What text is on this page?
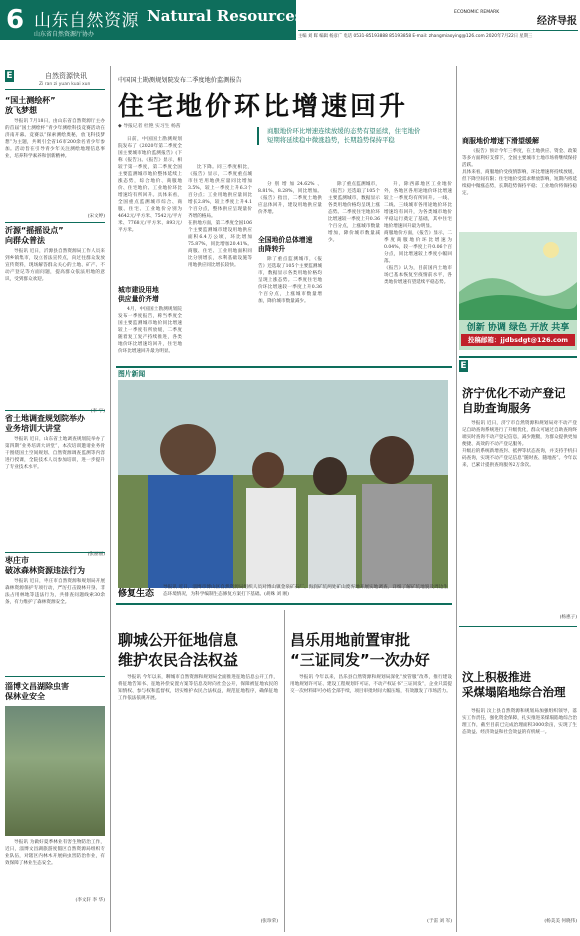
6 山东自然资源 Natural Resources of Shandong
山东省自然资源厅协办
ECONOMIC REMARK
经济导报
主编 刘 晖 编辑 杨彦广 电话 0531-85193888 85193858 E-mail: zhangmiaoying@126.com 2020年7月22日 星期三
E	自然资源快讯
Zi ran zi yuan kuai xun
“国土测绘杯”
放飞梦想

导报讯 7月18日，由山东省自然资源厅主办的首届“国土测绘杯”青少年测绘科技竞赛活动在济南开幕。竞赛以“探索测绘奥秘，放飞科技梦想”为主题，共吸引全省16市200余名青少年参加。活动旨在引导青少年关注测绘地理信息事业，培养科学素养和创新精神。

(宋文婷)
沂源“摇摇设点”
向群众普法

导报讯 近日，沂源县自然资源局工作人员来到乡镇集市，设立普法宣传点，向过往群众发放宣传资料，现场解答群众关心的土地、矿产、不动产登记等方面问题，提高群众依法用地的意识，受到群众欢迎。

(李 宁)
省土地调查规划院举办
业务培训大讲堂

导报讯 近日，山东省土地调查规划院举办了第四期“业务培训大讲堂”，本次培训邀请业务骨干围绕国土空间规划、自然资源调查监测等内容进行授课，全院技术人员参加培训，进一步提升了专业技术水平。

(张丽丽)
枣庄市
破冰森林资源违法行为

导报讯 近日，枣庄市自然资源和规划局开展森林资源保护专项行动，严厉打击毁林开垦、非法占用林地等违法行为，共排查问题线索30余条，有力维护了森林资源安全。

淄博文昌湖除虫害
保林业安全

导报讯 为做好夏季林业有害生物防治工作，近日，淄博文昌湖旅游度假区自然资源局组织专业队伍，对辖区内林木开展病虫害防治作业，有效保障了林业生态安全。

(李文轩 李 华)
中国国土勘测规划院发布二季度地价监测报告
住宅地价环比增速回升
◆ 导报记者 杜艳 实习生 杨茜
商服地价环比增速连续放缓的态势有望延续，住宅地价短期将延续稳中微涨趋势，长期趋势保持平稳

日前，中国国土勘测规划院发布了《2020年第二季度全国主要城市地价监测报告》(下称《报告》)。《报告》显示，相较于第一季度，第二季度全国主要监测城市地价整体延续上涨态势，综合地价、商服地价、住宅地价、工业地价环比增速均有所回升。具体来看，全国重点监测城市综合、商服、住宅、工业地价分别为4642元/平方米、7542元/平方米、7768元/平方米、893元/平方米。

城市建设用地
供应量价齐增

4月，中国国土勘测规划院发布一季度报告，称当季度全国主要监测城市地价同比增速较上一季度有所放缓，二季度随着复工复产持续推进，各类地价环比增速均回升，住宅地价环比增速回升最为明显。

比下降。同三季度相比，《报告》显示，二季度重点城市住宅用地供应量同比增加3.5%，较上一季度上升6.3个百分点；工业用地供应量同比增长2.8%，较上季度上升4.1个百分点，整体供应呈现量价齐增的格局。
在供地方面，第二季度全国106个主要监测城市建设用地供应面积6.4万公顷，环比增加75.87%，同比增加20.41%。商服、住宅、工业用地面积同比分别增长，水利基础设施等用地供应同比增长较快。

分别增加24.62%、8.81%、8.28%，同比增加。《报告》指出，二季度土地供应总体回升，建设用地供应量价齐增。

全国地价总体增速
由降转升

除了重点监测城市，《报告》还选取了105个主要监测城市，数据显示各类用地价格均呈现上涨态势。二季度住宅地价环比增速较一季度上升0.36个百分点，上涨城市数量增加，降价城市数量减少。

升，除西部地区工业地价外，各地区各用途地价环比增速较上一季度均有所回升。一线、二线、三线城市各用途地价环比增速均有回升，为各类城市地价平稳运行奠定了基础，其中住宅地价增速回升最为明显。
商服地价方面，《报告》显示，二季度商服地价环比增速为0.04%，较一季度上升0.06个百分点，同比增速较上季度小幅回落。
《报告》认为，目前国内土地市场已基本恢复至疫情前水平，各类地价增速有望延续平稳态势。

除了重点监测城市，《报告》还选取了105个主要监测城市，数据显示各类用地价格均呈现上涨态势。二季度住宅地价环比增速较一季度上升0.36个百分点，上涨城市数量增加，降价城市数量减少。

商服地价增速下滑望缓解

《报告》预计今年三季度，在土地供应、资金、政策等多方面利好支撑下，全国主要城市土地市场将继续保持活跃。
具体来看，商服地价受疫情影响，环比增速将持续放缓，但下降空间有限；住宅地价受需求释放影响，短期内将延续稳中微涨态势，长期趋势保持平稳；工业地价将保持稳定。

创新 协调 绿色 开放 共享
投稿邮箱：jjdbsdgt@126.com
图片新闻
修复生态
导报讯 近日，淄博市博山区自然资源局组织人员对博山镇金泉矿石厂、海润矿坑两处矿山废弃地开展实地调查，详细了解矿坑地貌及周边生态环境情况，为科学编制生态修复方案打下基础。(胡姝 刘 刚)
E
济宁优化不动产登记
自助查询服务

导报讯 近日，济宁市自然资源和规划局对不动产登记自助查询系统进行了升级优化，群众可通过自助查询终端实时查询不动产登记信息，减少跑腿，为群众提供更加便捷、高效的不动产登记服务。
升级后的系统新增查封、抵押等状态查询，并支持手机扫码查询，实现不动产登记信息“随时查、随地查”。今年以来，已累计提供查询服务2万余次。

(杨惠子)
汶上积极推进
采煤塌陷地综合治理

导报讯 汶上县自然资源和规划局加强组织领导，落实工作责任，强化资金保障，扎实推进采煤塌陷地综合治理工作，截至目前已完成治理面积3000余亩，实现了生态效益、经济效益和社会效益的有机统一。

(杨美美 何晓伟)
聊城公开征地信息
维护农民合法权益

导报讯 今年以来，聊城市自然资源和规划局全面推进征地信息公开工作，将征地告知书、征地补偿安置方案等信息及时向社会公开，保障被征地农民的知情权、参与权和监督权，切实维护农民合法权益，规范征地程序，确保征地工作依法依规开展。

(张珍荣)
昌乐用地前置审批
“三证同发”一次办好

导报讯 今年以来，昌乐县自然资源和规划局深化“放管服”改革，推行建设用地规划许可证、建设工程规划许可证、不动产权证书“三证同发”，企业只需提交一次材料即可办结全部手续，项目审批时间大幅压缩，有效激发了市场活力。

(于雷 刘 军)
